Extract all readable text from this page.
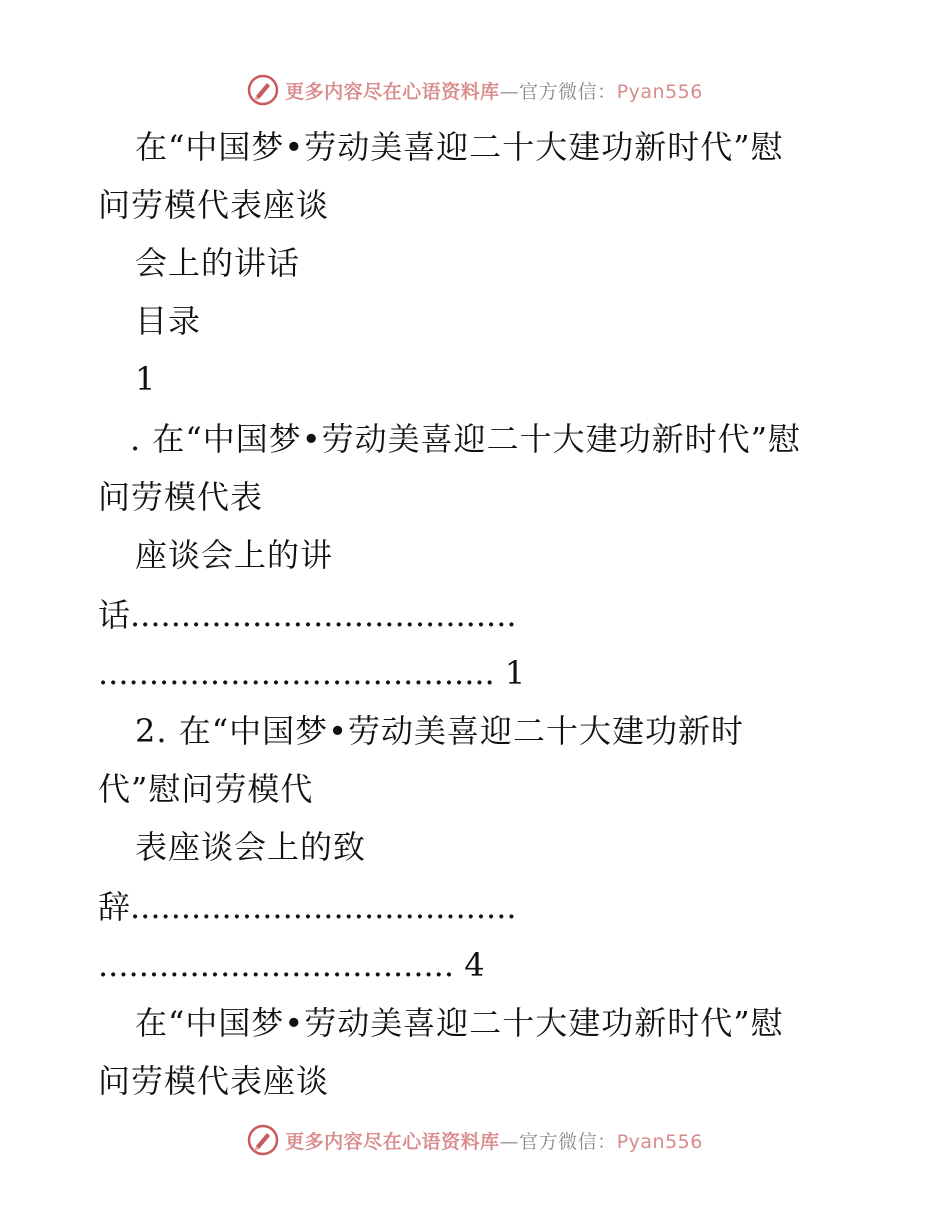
更多内容尽在心语资料库—官方微信：Pyan556
在“中国梦•劳动美喜迎二十大建功新时代”慰
问劳模代表座谈
会上的讲话
目录
1
. 在“中国梦•劳动美喜迎二十大建功新时代”慰
问劳模代表
座谈会上的讲
话......................................
....................................... 1
2. 在“中国梦•劳动美喜迎二十大建功新时
代”慰问劳模代
表座谈会上的致
辞......................................
................................... 4
在“中国梦•劳动美喜迎二十大建功新时代”慰
问劳模代表座谈
更多内容尽在心语资料库—官方微信：Pyan556
